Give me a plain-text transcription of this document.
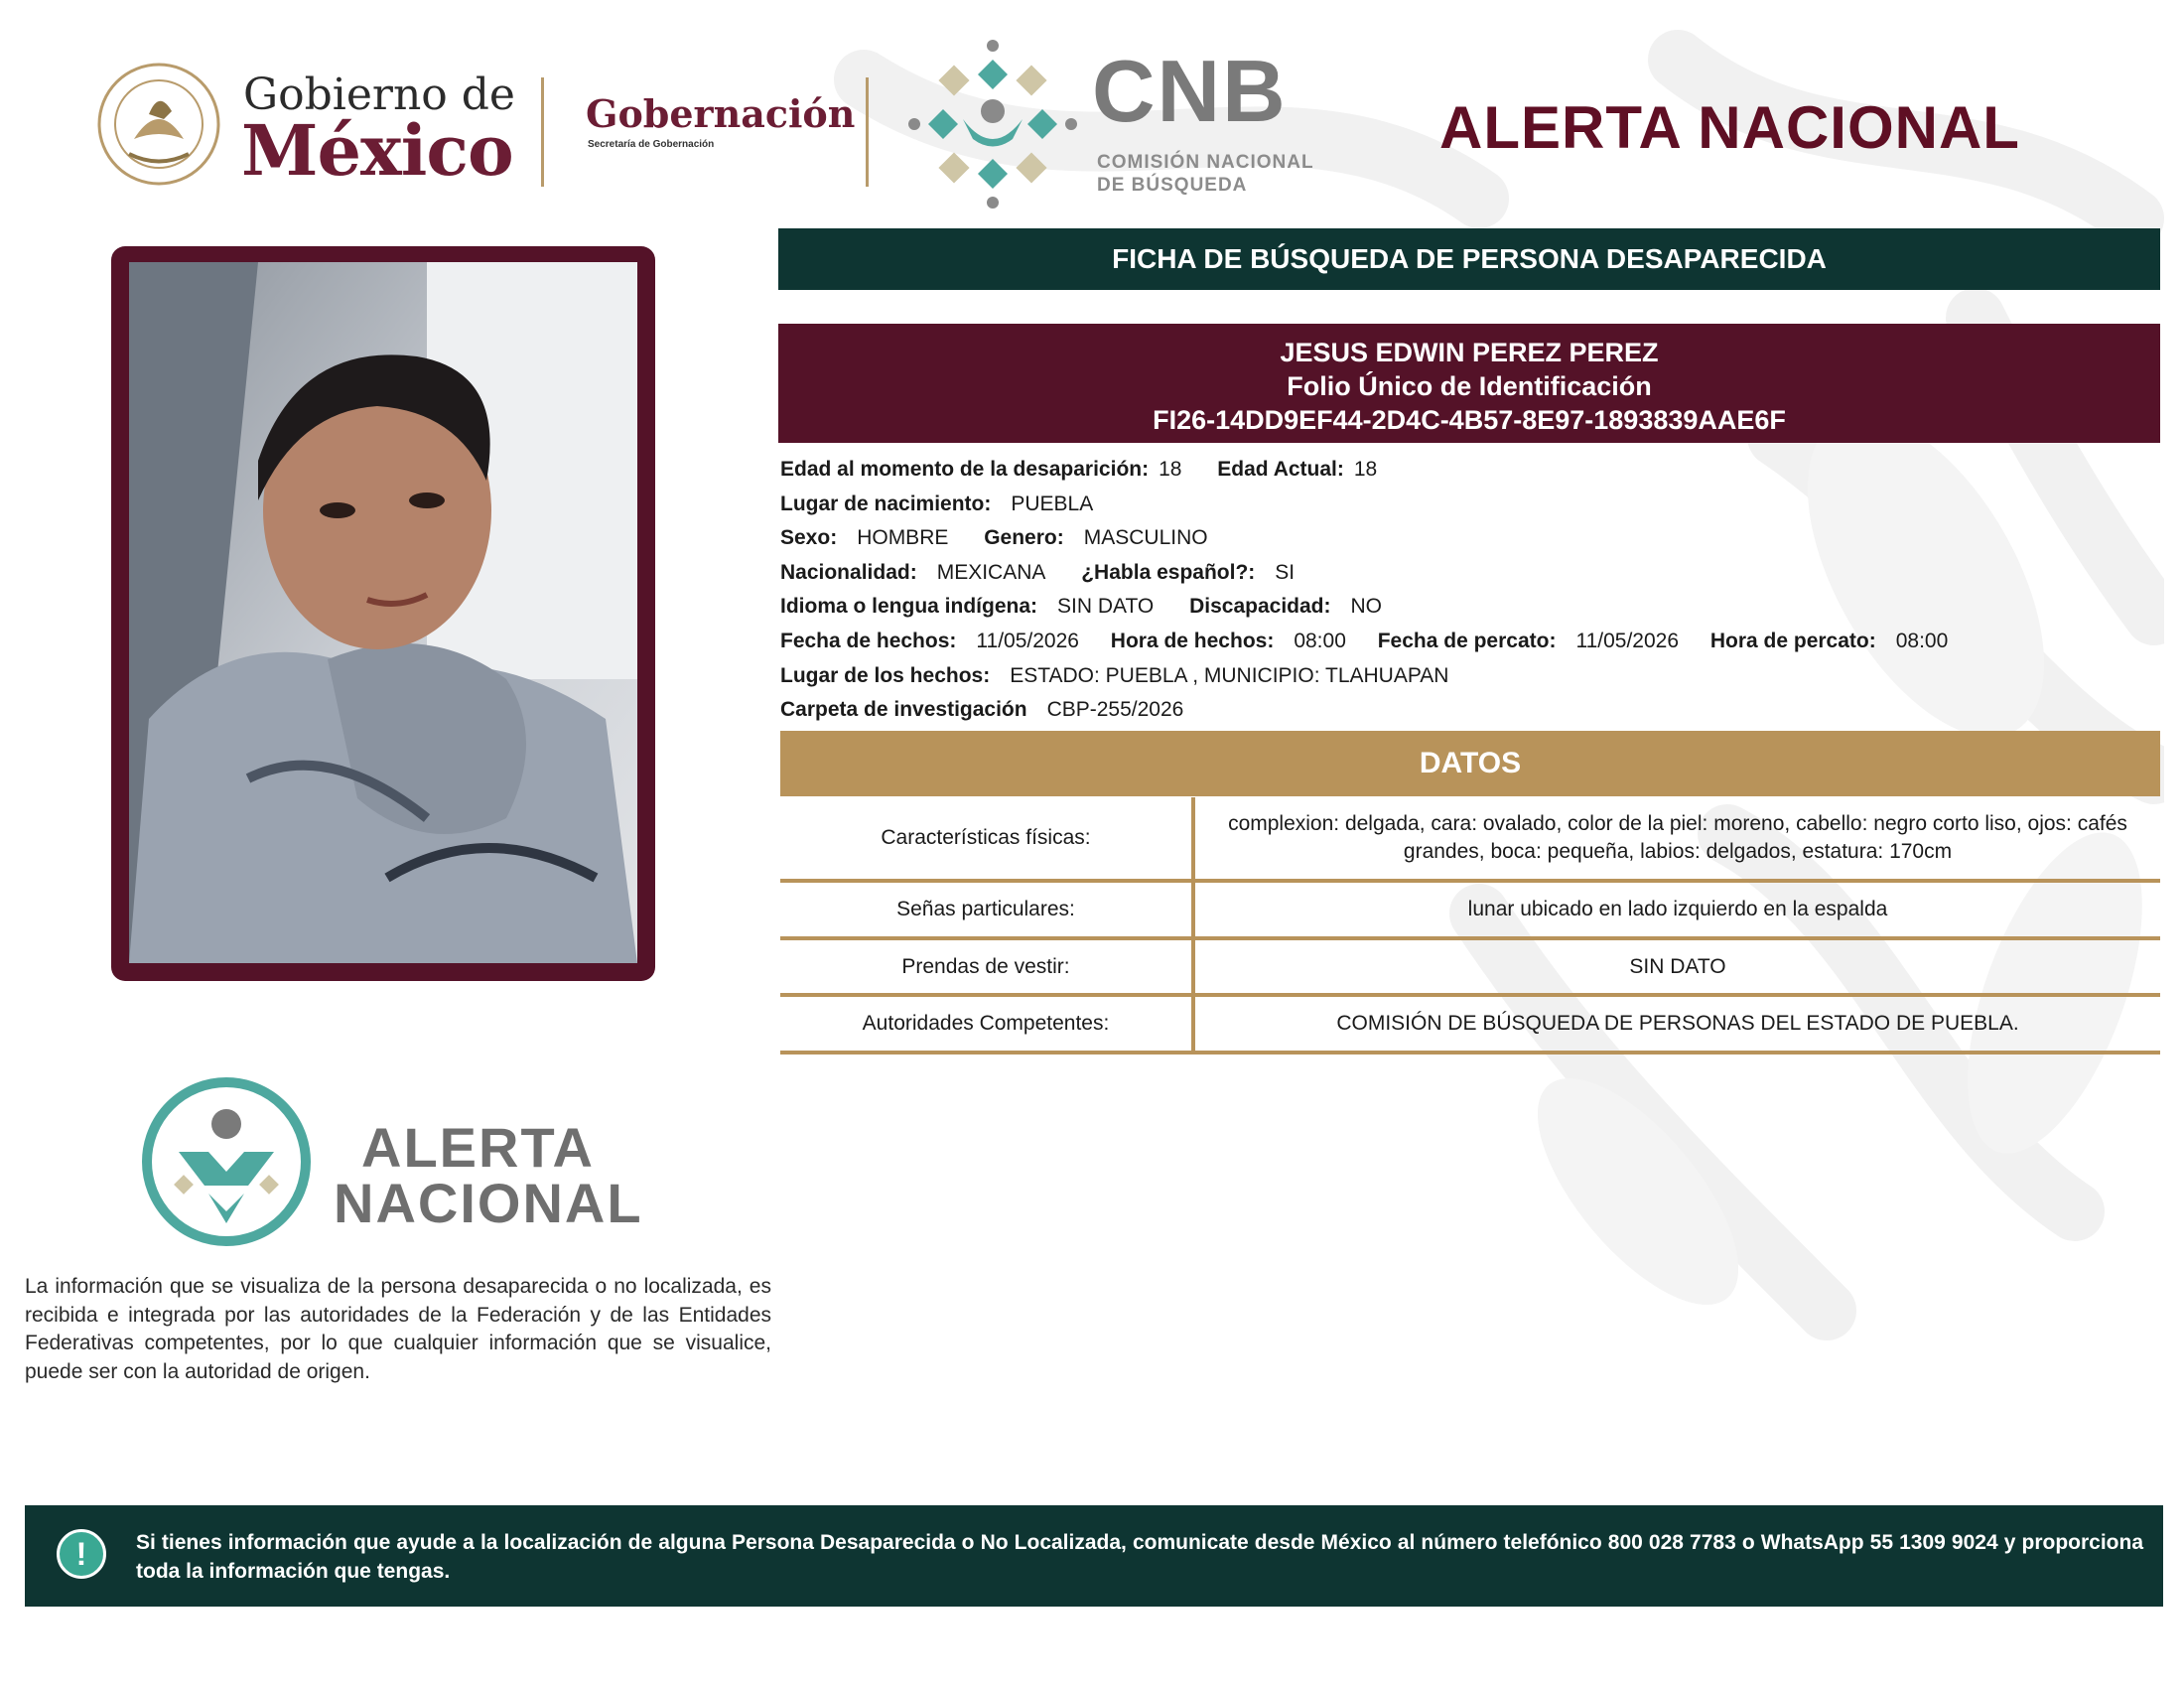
Gobierno de
México Gobernación
Secretaría de Gobernación
CNB
COMISIÓN NACIONAL
DE BÚSQUEDA
ALERTA NACIONAL
FICHA DE BÚSQUEDA DE PERSONA DESAPARECIDA
JESUS EDWIN PEREZ PEREZ
Folio Único de Identificación
FI26-14DD9EF44-2D4C-4B57-8E97-1893839AAE6F
Edad al momento de la desaparición: 18 Edad Actual: 18
Lugar de nacimiento: PUEBLA
Sexo: HOMBRE Genero: MASCULINO
Nacionalidad: MEXICANA ¿Habla español?: SI
Idioma o lengua indígena: SIN DATO Discapacidad: NO
Fecha de hechos: 11/05/2026 Hora de hechos: 08:00 Fecha de percato: 11/05/2026 Hora de percato: 08:00
Lugar de los hechos: ESTADO: PUEBLA , MUNICIPIO: TLAHUAPAN
Carpeta de investigación CBP-255/2026
DATOS
Características físicas:
complexion: delgada, cara: ovalado, color de la piel: moreno, cabello: negro corto liso, ojos: cafés grandes, boca: pequeña, labios: delgados, estatura: 170cm
Señas particulares:	lunar ubicado en lado izquierdo en la espalda
Prendas de vestir:	SIN DATO
Autoridades Competentes:	COMISIÓN DE BÚSQUEDA DE PERSONAS DEL ESTADO DE PUEBLA.
ALERTA
NACIONAL
La información que se visualiza de la persona desaparecida o no localizada, es recibida e integrada por las autoridades de la Federación y de las Entidades Federativas competentes, por lo que cualquier información que se visualice, puede ser con la autoridad de origen.
!	Si tienes información que ayude a la localización de alguna Persona Desaparecida o No Localizada, comunicate desde México al número telefónico 800 028 7783 o WhatsApp 55 1309 9024 y proporciona toda la información que tengas.
